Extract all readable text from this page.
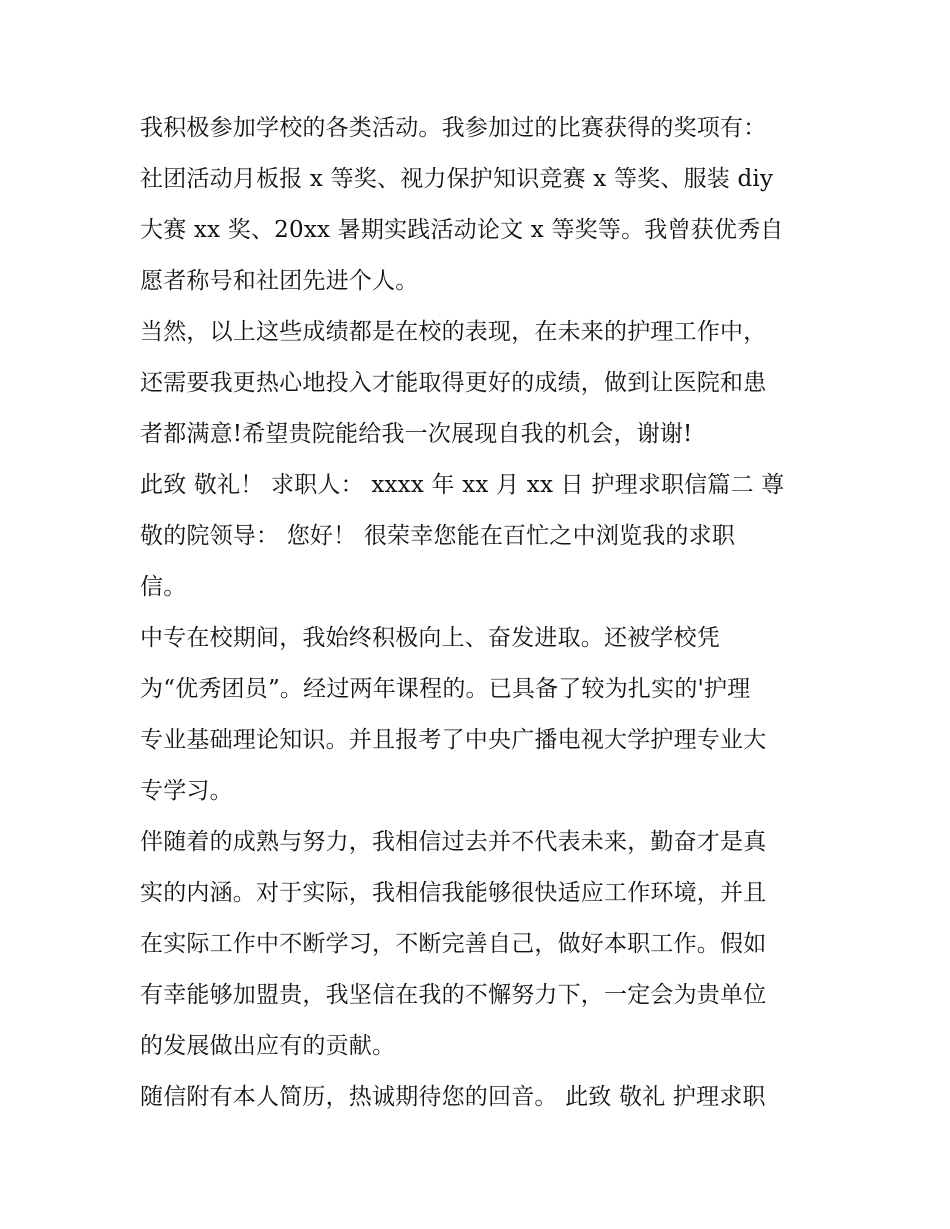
我积极参加学校的各类活动。我参加过的比赛获得的奖项有：
社团活动月板报 x 等奖、视力保护知识竞赛 x 等奖、服装 diy
大赛 xx 奖、20xx 暑期实践活动论文 x 等奖等。我曾获优秀自
愿者称号和社团先进个人。
当然，以上这些成绩都是在校的表现，在未来的护理工作中，
还需要我更热心地投入才能取得更好的成绩，做到让医院和患
者都满意!希望贵院能给我一次展现自我的机会，谢谢!
此致 敬礼！ 求职人： xxxx 年 xx 月 xx 日 护理求职信篇二 尊
敬的院领导： 您好！ 很荣幸您能在百忙之中浏览我的求职
信。
中专在校期间，我始终积极向上、奋发进取。还被学校凭
为“优秀团员”。经过两年课程的。已具备了较为扎实的'护理
专业基础理论知识。并且报考了中央广播电视大学护理专业大
专学习。
伴随着的成熟与努力，我相信过去并不代表未来，勤奋才是真
实的内涵。对于实际，我相信我能够很快适应工作环境，并且
在实际工作中不断学习，不断完善自己，做好本职工作。假如
有幸能够加盟贵，我坚信在我的不懈努力下，一定会为贵单位
的发展做出应有的贡献。
随信附有本人简历，热诚期待您的回音。 此致 敬礼 护理求职
